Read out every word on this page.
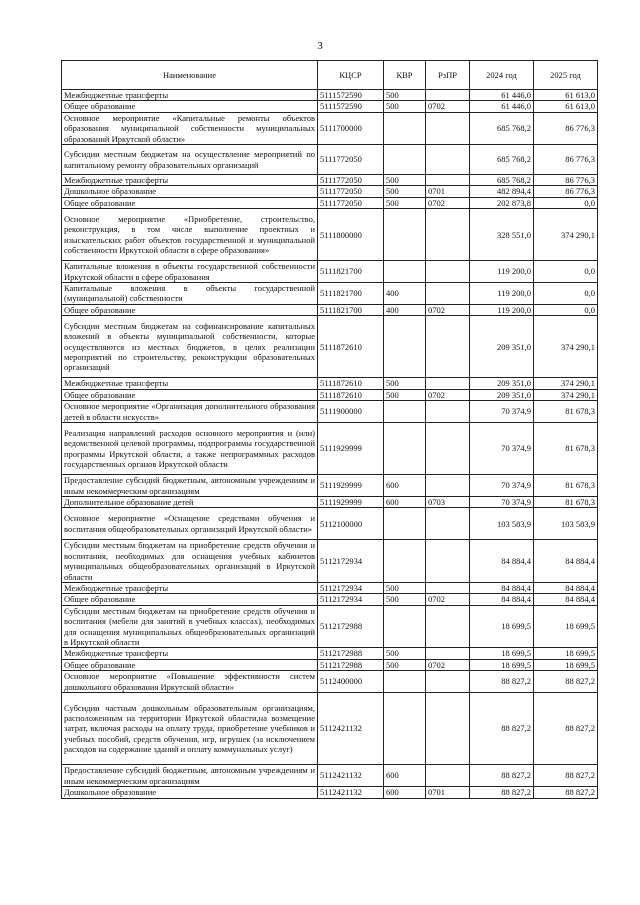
3
Наименование	КЦСР	КВР	РзПР	2024 год	2025 год
Межбюджетные трансферты	5111572590	500		61 446,0	61 613,0
Общее образование	5111572590	500	0702	61 446,0	61 613,0
Основное мероприятие «Капитальные ремонты объектов образования муниципальной собственности муниципальных образований Иркутской области»	5111700000			685 768,2	86 776,3
Субсидии местным бюджетам на осуществление мероприятий по капитальному ремонту образовательных организаций	5111772050			685 768,2	86 776,3
Межбюджетные трансферты	5111772050	500		685 768,2	86 776,3
Дошкольное образование	5111772050	500	0701	482 894,4	86 776,3
Общее образование	5111772050	500	0702	202 873,8	0,0
Основное мероприятие «Приобретение, строительство, реконструкция, в том числе выполнение проектных и изыскательских работ объектов государственной и муниципальной собственности Иркутской области в сфере образования»	5111800000			328 551,0	374 290,1
Капитальные вложения в объекты государственной собственности Иркутской области в сфере образования	5111821700			119 200,0	0,0
Капитальные вложения в объекты государственной (муниципальной) собственности	5111821700	400		119 200,0	0,0
Общее образование	5111821700	400	0702	119 200,0	0,0
Субсидии местным бюджетам на софинансирование капитальных вложений в объекты муниципальной собственности, которые осуществляются из местных бюджетов, в целях реализации мероприятий по строительству, реконструкции образовательных организаций	5111872610			209 351,0	374 290,1
Межбюджетные трансферты	5111872610	500		209 351,0	374 290,1
Общее образование	5111872610	500	0702	209 351,0	374 290,1
Основное мероприятие «Организация дополнительного образования детей в области искусств»	5111900000			70 374,9	81 678,3
Реализация направлений расходов основного мероприятия и (или) ведомственной целевой программы, подпрограммы государственной программы Иркутской области, а также непрограммных расходов государственных органов Иркутской области	5111929999			70 374,9	81 678,3
Предоставление субсидий бюджетным, автономным учреждениям и иным некоммерческим организациям	5111929999	600		70 374,9	81 678,3
Дополнительное образование детей	5111929999	600	0703	70 374,9	81 678,3
Основное мероприятие «Оснащение средствами обучения и воспитания общеобразовательных организаций Иркутской области»	5112100000			103 583,9	103 583,9
Субсидии местным бюджетам на приобретение средств обучения и воспитания, необходимых для оснащения учебных кабинетов муниципальных общеобразовательных организаций в Иркутской области	5112172934			84 884,4	84 884,4
Межбюджетные трансферты	5112172934	500		84 884,4	84 884,4
Общее образование	5112172934	500	0702	84 884,4	84 884,4
Субсидии местным бюджетам на приобретение средств обучения и воспитания (мебели для занятий в учебных классах), необходимых для оснащения муниципальных общеобразовательных организаций в Иркутской области	5112172988			18 699,5	18 699,5
Межбюджетные трансферты	5112172988	500		18 699,5	18 699,5
Общее образование	5112172988	500	0702	18 699,5	18 699,5
Основное мероприятие «Повышение эффективности систем дошкольного образования Иркутской области»	5112400000			88 827,2	88 827,2
Субсидии частным дошкольным образовательным организациям, расположенным на территории Иркутской области,на возмещение затрат, включая расходы на оплату труда, приобретение учебников и учебных пособий, средств обучения, игр, игрушек (за исключением расходов на содержание зданий и оплату коммунальных услуг)	5112421132			88 827,2	88 827,2
Предоставление субсидий бюджетным, автономным учреждениям и иным некоммерческим организациям	5112421132	600		88 827,2	88 827,2
Дошкольное образование	5112421132	600	0701	88 827,2	88 827,2
